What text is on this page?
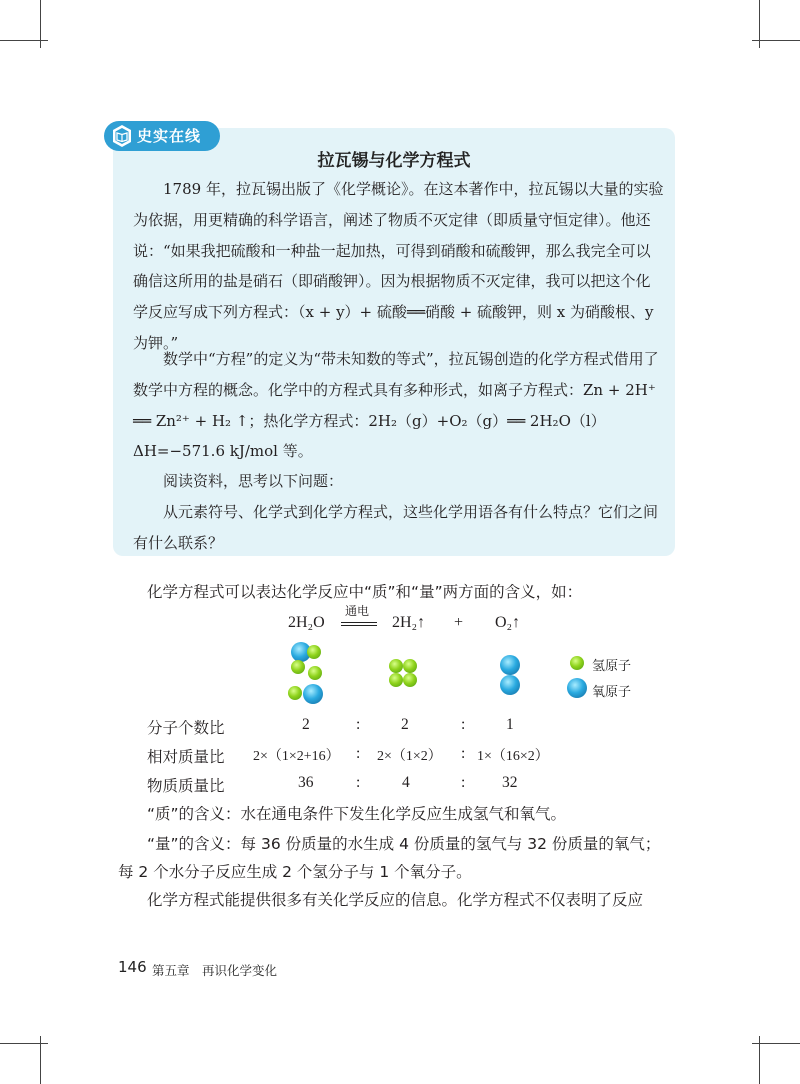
史实在线
拉瓦锡与化学方程式
1789 年，拉瓦锡出版了《化学概论》。在这本著作中，拉瓦锡以大量的实验为依据，用更精确的科学语言，阐述了物质不灭定律（即质量守恒定律）。他还说：“如果我把硫酸和一种盐一起加热，可得到硝酸和硫酸钾，那么我完全可以确信这所用的盐是硝石（即硝酸钾）。因为根据物质不灭定律，我可以把这个化学反应写成下列方程式：（x + y）+ 硫酸══硝酸 + 硫酸钾，则 x 为硝酸根、y 为钾。”
数学中“方程”的定义为“带未知数的等式”，拉瓦锡创造的化学方程式借用了数学中方程的概念。化学中的方程式具有多种形式，如离子方程式：Zn + 2H⁺ ══ Zn²⁺ + H₂ ↑；热化学方程式：2H₂（g）+O₂（g）══ 2H₂O（l）ΔH=−571.6 kJ/mol 等。
阅读资料，思考以下问题：
从元素符号、化学式到化学方程式，这些化学用语各有什么特点？它们之间有什么联系？
化学方程式可以表达化学反应中“质”和“量”两方面的含义，如：
2H₂O
通电
2H₂↑ + O₂↑
氢原子
氧原子
分子个数比	2	:	2	:	1
相对质量比 2×（1×2+16） : 2×（1×2） : 1×（16×2）
物质质量比	36	:	4	: 32
“质”的含义：水在通电条件下发生化学反应生成氢气和氧气。
“量”的含义：每 36 份质量的水生成 4 份质量的氢气与 32 份质量的氧气；
每 2 个水分子反应生成 2 个氢分子与 1 个氧分子。
化学方程式能提供很多有关化学反应的信息。化学方程式不仅表明了反应
146 第五章　再识化学变化
